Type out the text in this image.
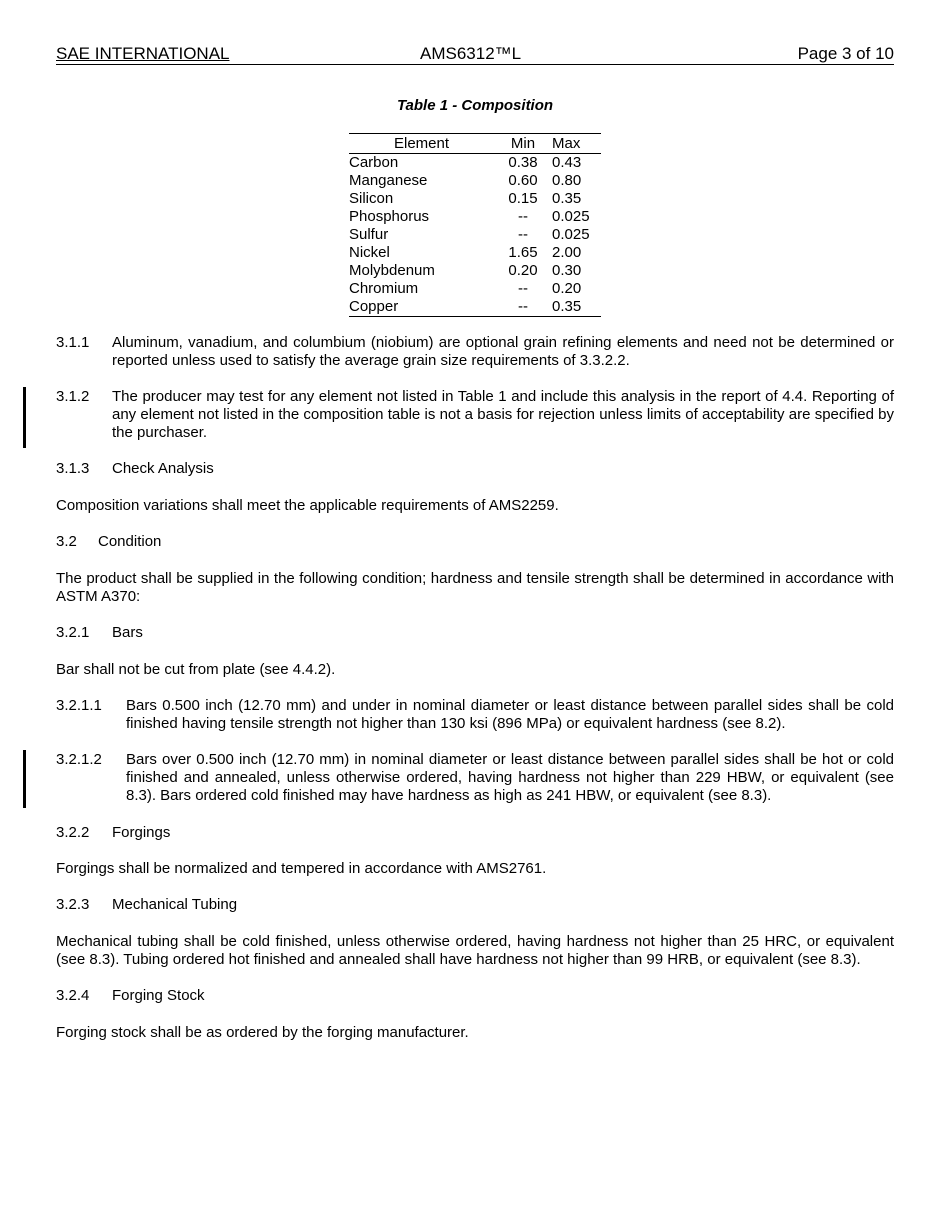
SAE INTERNATIONAL	AMS6312™L	Page 3 of 10
Table 1 - Composition
Element	Min	Max
Carbon	0.38	0.43
Manganese	0.60	0.80
Silicon	0.15	0.35
Phosphorus	--	0.025
Sulfur	--	0.025
Nickel	1.65	2.00
Molybdenum	0.20	0.30
Chromium	--	0.20
Copper	--	0.35
3.1.1 Aluminum, vanadium, and columbium (niobium) are optional grain refining elements and need not be determined or reported unless used to satisfy the average grain size requirements of 3.3.2.2.
3.1.2 The producer may test for any element not listed in Table 1 and include this analysis in the report of 4.4. Reporting of any element not listed in the composition table is not a basis for rejection unless limits of acceptability are specified by the purchaser.
3.1.3 Check Analysis
Composition variations shall meet the applicable requirements of AMS2259.
3.2 Condition
The product shall be supplied in the following condition; hardness and tensile strength shall be determined in accordance with ASTM A370:
3.2.1 Bars
Bar shall not be cut from plate (see 4.4.2).
3.2.1.1 Bars 0.500 inch (12.70 mm) and under in nominal diameter or least distance between parallel sides shall be cold finished having tensile strength not higher than 130 ksi (896 MPa) or equivalent hardness (see 8.2).
3.2.1.2 Bars over 0.500 inch (12.70 mm) in nominal diameter or least distance between parallel sides shall be hot or cold finished and annealed, unless otherwise ordered, having hardness not higher than 229 HBW, or equivalent (see 8.3). Bars ordered cold finished may have hardness as high as 241 HBW, or equivalent (see 8.3).
3.2.2 Forgings
Forgings shall be normalized and tempered in accordance with AMS2761.
3.2.3 Mechanical Tubing
Mechanical tubing shall be cold finished, unless otherwise ordered, having hardness not higher than 25 HRC, or equivalent (see 8.3). Tubing ordered hot finished and annealed shall have hardness not higher than 99 HRB, or equivalent (see 8.3).
3.2.4 Forging Stock
Forging stock shall be as ordered by the forging manufacturer.
